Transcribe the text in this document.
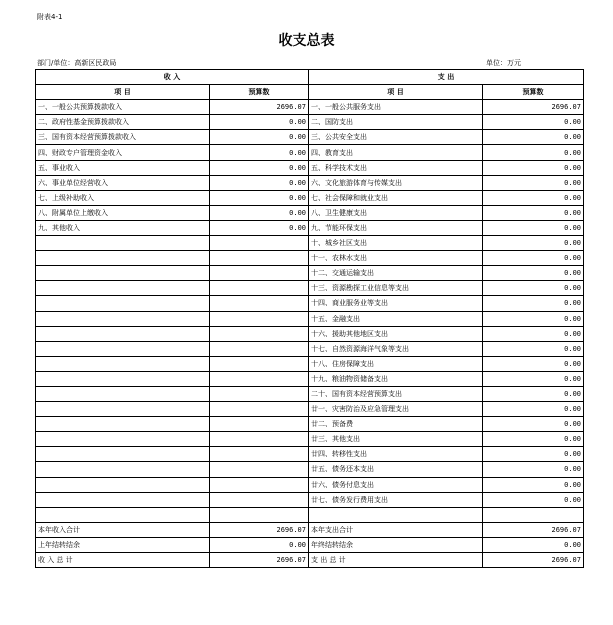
附表4-1
收支总表
部门/单位：高新区民政局	单位：万元
收 入		支 出	
项 目	预算数	项 目	预算数
一、一般公共预算拨款收入	2696.07	一、一般公共服务支出	2696.07
二、政府性基金预算拨款收入	0.00	二、国防支出	0.00
三、国有资本经营预算拨款收入	0.00	三、公共安全支出	0.00
四、财政专户管理资金收入	0.00	四、教育支出	0.00
五、事业收入	0.00	五、科学技术支出	0.00
六、事业单位经营收入	0.00	六、文化旅游体育与传媒支出	0.00
七、上级补助收入	0.00	七、社会保障和就业支出	0.00
八、附属单位上缴收入	0.00	八、卫生健康支出	0.00
九、其他收入	0.00	九、节能环保支出	0.00
		十、城乡社区支出	0.00
		十一、农林水支出	0.00
		十二、交通运输支出	0.00
		十三、资源勘探工业信息等支出	0.00
		十四、商业服务业等支出	0.00
		十五、金融支出	0.00
		十六、援助其他地区支出	0.00
		十七、自然资源海洋气象等支出	0.00
		十八、住房保障支出	0.00
		十九、粮油物资储备支出	0.00
		二十、国有资本经营预算支出	0.00
		廿一、灾害防治及应急管理支出	0.00
		廿二、预备费	0.00
		廿三、其他支出	0.00
		廿四、转移性支出	0.00
		廿五、债务还本支出	0.00
		廿六、债务付息支出	0.00
		廿七、债务发行费用支出	0.00

本年收入合计	2696.07	本年支出合计	2696.07
上年结转结余	0.00	年终结转结余	0.00
收 入 总 计	2696.07	支 出 总 计	2696.07
